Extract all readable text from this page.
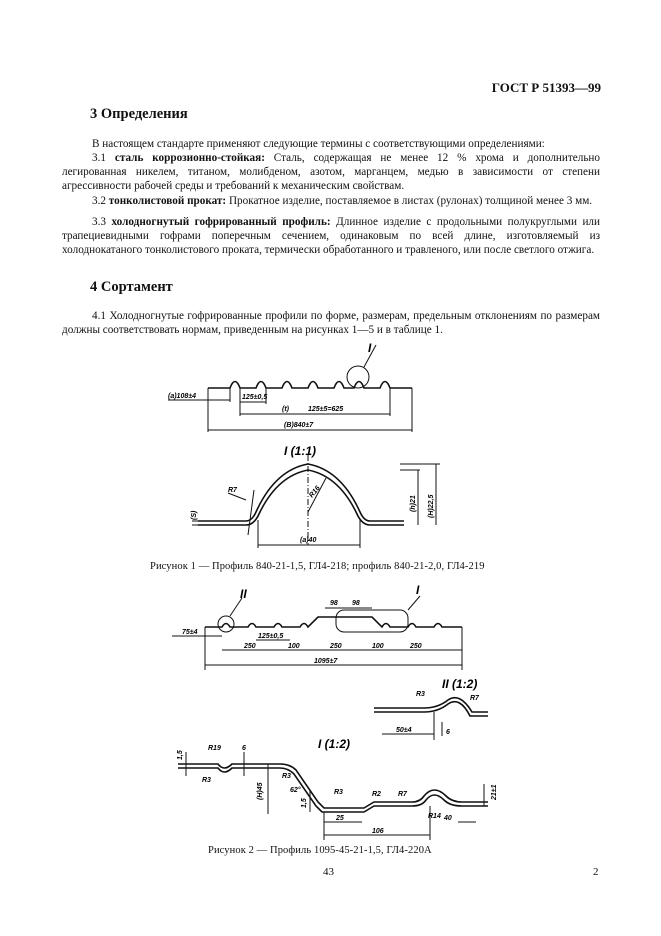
ГОСТ Р 51393—99
3 Определения
В настоящем стандарте применяют следующие термины с соответствующими определениями:
3.1 сталь коррозионно-стойкая: Сталь, содержащая не менее 12 % хрома и дополнительно легированная никелем, титаном, молибденом, азотом, марганцем, медью в зависимости от степени агрессивности рабочей среды и требований к механическим свойствам.
3.2 тонколистовой прокат: Прокатное изделие, поставляемое в листах (рулонах) толщиной менее 3 мм.
3.3 холодногнутый гофрированный профиль: Длинное изделие с продольными полукруглыми или трапециевидными гофрами поперечным сечением, одинаковым по всей длине, изготовляемый из холоднокатаного тонколистового проката, термически обработанного и травленого, или после светлого отжига.
4 Сортамент
4.1 Холодногнутые гофрированные профили по форме, размерам, предельным отклонениям по размерам должны соответствовать нормам, приведенным на рисунках 1—5 и в таблице 1.
I
(a)108±4	125±0,5
(t)	125±5=625
(B)840±7
I (1:1)
R7	R16
(S)
(h)21 (H)22,5
(a)40
II	I
98 98
75±4
125±0,5
250	100	250	100	250
1095±7
II (1:2)
R3
R7
50±4	6
I (1:2)
1,5
R19	6
R3
R3
(H)45
1,5
62°	R3	R2 R7	21±1
R14
25	40
106
Рисунок 1 — Профиль 840-21-1,5, ГЛ4-218; профиль 840-21-2,0, ГЛ4-219
Рисунок 2 — Профиль 1095-45-21-1,5, ГЛ4-220А
43	2
